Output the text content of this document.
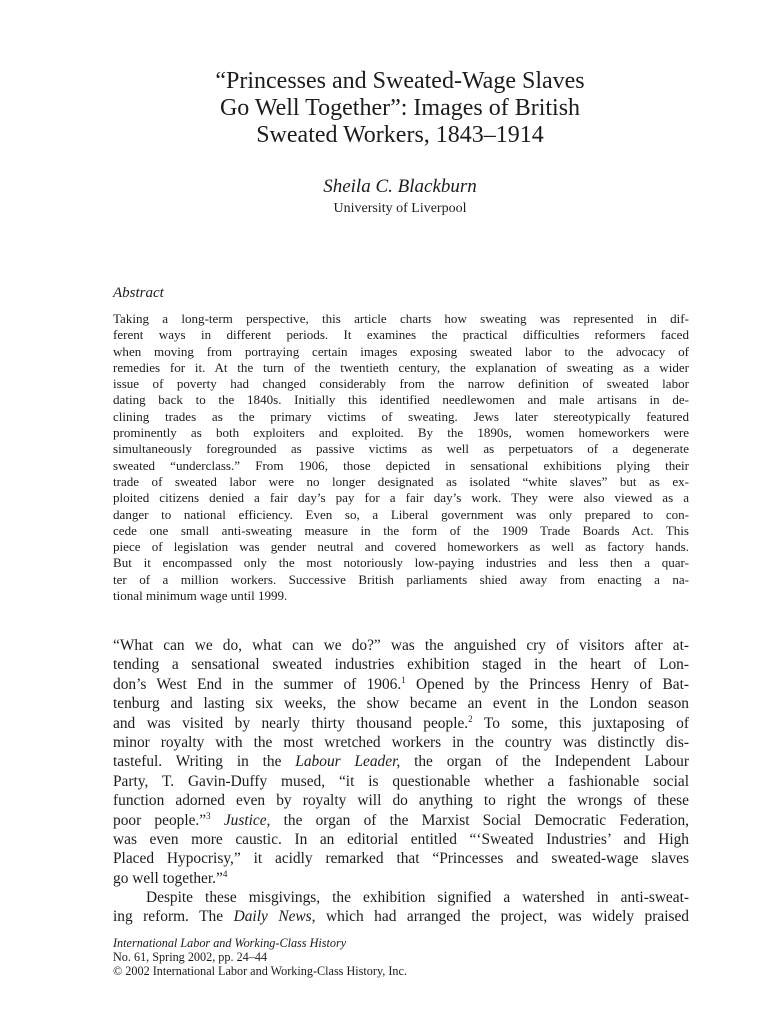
“Princesses and Sweated-Wage Slaves
Go Well Together”: Images of British
Sweated Workers, 1843–1914
Sheila C. Blackburn
University of Liverpool
Abstract
Taking a long-term perspective, this article charts how sweating was represented in dif-
ferent ways in different periods. It examines the practical difficulties reformers faced
when moving from portraying certain images exposing sweated labor to the advocacy of
remedies for it. At the turn of the twentieth century, the explanation of sweating as a wider
issue of poverty had changed considerably from the narrow definition of sweated labor
dating back to the 1840s. Initially this identified needlewomen and male artisans in de-
clining trades as the primary victims of sweating. Jews later stereotypically featured
prominently as both exploiters and exploited. By the 1890s, women homeworkers were
simultaneously foregrounded as passive victims as well as perpetuators of a degenerate
sweated “underclass.” From 1906, those depicted in sensational exhibitions plying their
trade of sweated labor were no longer designated as isolated “white slaves” but as ex-
ploited citizens denied a fair day’s pay for a fair day’s work. They were also viewed as a
danger to national efficiency. Even so, a Liberal government was only prepared to con-
cede one small anti-sweating measure in the form of the 1909 Trade Boards Act. This
piece of legislation was gender neutral and covered homeworkers as well as factory hands.
But it encompassed only the most notoriously low-paying industries and less then a quar-
ter of a million workers. Successive British parliaments shied away from enacting a na-
tional minimum wage until 1999.
“What can we do, what can we do?” was the anguished cry of visitors after at-
tending a sensational sweated industries exhibition staged in the heart of Lon-
don’s West End in the summer of 1906.$^1$ Opened by the Princess Henry of Bat-
tenburg and lasting six weeks, the show became an event in the London season
and was visited by nearly thirty thousand people.$^2$ To some, this juxtaposing of
minor royalty with the most wretched workers in the country was distinctly dis-
tasteful. Writing in the Labour Leader, the organ of the Independent Labour
Party, T. Gavin-Duffy mused, “it is questionable whether a fashionable social
function adorned even by royalty will do anything to right the wrongs of these
poor people.”$^3$ Justice, the organ of the Marxist Social Democratic Federation,
was even more caustic. In an editorial entitled “‘Sweated Industries’ and High
Placed Hypocrisy,” it acidly remarked that “Princesses and sweated-wage slaves
go well together.”$^4$
Despite these misgivings, the exhibition signified a watershed in anti-sweat-
ing reform. The Daily News, which had arranged the project, was widely praised
International Labor and Working-Class History
No. 61, Spring 2002, pp. 24–44
© 2002 International Labor and Working-Class History, Inc.
